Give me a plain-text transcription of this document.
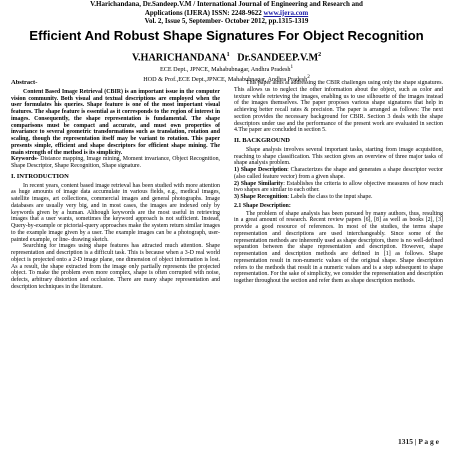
V.Harichandana, Dr.Sandeep.V.M / International Journal of Engineering and Research and
Applications (IJERA) ISSN: 2248-9622 www.ijera.com
Vol. 2, Issue 5, September- October 2012, pp.1315-1319
Efficient And Robust Shape Signatures For Object Recognition
V.HARICHANDANA$^1$ $Dr.SANDEEP.V.M^2$
ECE Dept., JPNCE, Mahabubnagar, Andhra Pradesh$^1$
HOD & Prof.,ECE Dept.,JPNCE, Mahabubnagar, Andhra Pradesh$^2$
Abstract-

Content Based Image Retrieval (CBIR) is an important issue in the computer vision community. Both visual and textual descriptions are employed when the user formulates his queries. Shape feature is one of the most important visual features. The shape feature is essential as it corresponds to the region of interest in images. Consequently, the shape representation is fundamental. The shape comparisons must be compact and accurate, and must own properties of invariance to several geometric transformations such as translation, rotation and scaling, though the representation itself may be variant to rotation. This paper presents simple, efficient and shape descriptors for efficient shape mining. The main strength of the method is its simplicity.

Keywords- Distance mapping, Image mining, Moment invariance, Object Recognition, Shape Descriptor, Shape Recognition, Shape signature.

I. INTRODUCTION

In recent years, content based image retrieval has been studied with more attention as huge amounts of image data accumulate in various fields, e.g., medical images, satellite images, art collections, commercial images and general photographs. Image databases are usually very big, and in most cases, the images are indexed only by keywords given by a human. Although keywords are the most useful in retrieving images that a user wants, sometimes the keyword approach is not sufficient. Instead, Query-by-example or pictorial-query approaches make the system return similar images to the example image given by a user. The example images can be a photograph, user-painted example, or line- drawing sketch.

Searching for images using shape features has attracted much attention. Shape representation and description is a difficult task. This is because when a 3-D real world object is projected onto a 2-D image plane, one dimension of object information is lost. As a result, the shape extracted from the image only partially represents the projected object. To make the problem even more complex, shape is often corrupted with noise, defects, arbitrary distortion and occlusion. There are many shape representation and description techniques in the literature.

This paper aims at addressing the CBIR challenges using only the shape signatures. This allows us to neglect the other information about the object, such as color and texture while retrieving the images, enabling us to use silhouette of the images instead of the images themselves. The paper proposes various shape signatures that help in achieving better recall rates & precision. The paper is arranged as follows: The next section provides the necessary background for CBIR. Section 3 deals with the shape descriptors under use and the performance of the present work are evaluated in section 4.The paper are concluded in section 5.

II. BACKGROUND

Shape analysis involves several important tasks, starting from image acquisition, reaching to shape classification. This section gives an overview of three major tasks of shape analysis problem.

1) Shape Description: Characterizes the shape and generates a shape descriptor vector (also called feature vector) from a given shape.

2) Shape Similarity: Establishes the criteria to allow objective measures of how much two shapes are similar to each other.

3) Shape Recognition: Labels the class to the input shape.

2.1 Shape Description:

The problem of shape analysis has been pursued by many authors, thus, resulting in a great amount of research. Recent review papers [6], [8] as well as books [2], [3] provide a good resource of references. In most of the studies, the terms shape representation and descriptions are used interchangeably. Since some of the representation methods are inherently used as shape descriptors, there is no well-defined separation between the shape representation and description. However, shape representation and description methods are defined in [1] as follows. Shape representation result in non-numeric values of the original shape. Shape description refers to the methods that result in a numeric values and is a step subsequent to shape representation. For the sake of simplicity, we consider the representation and description together throughout the section and refer them as shape description methods.

1315 | P a g e
